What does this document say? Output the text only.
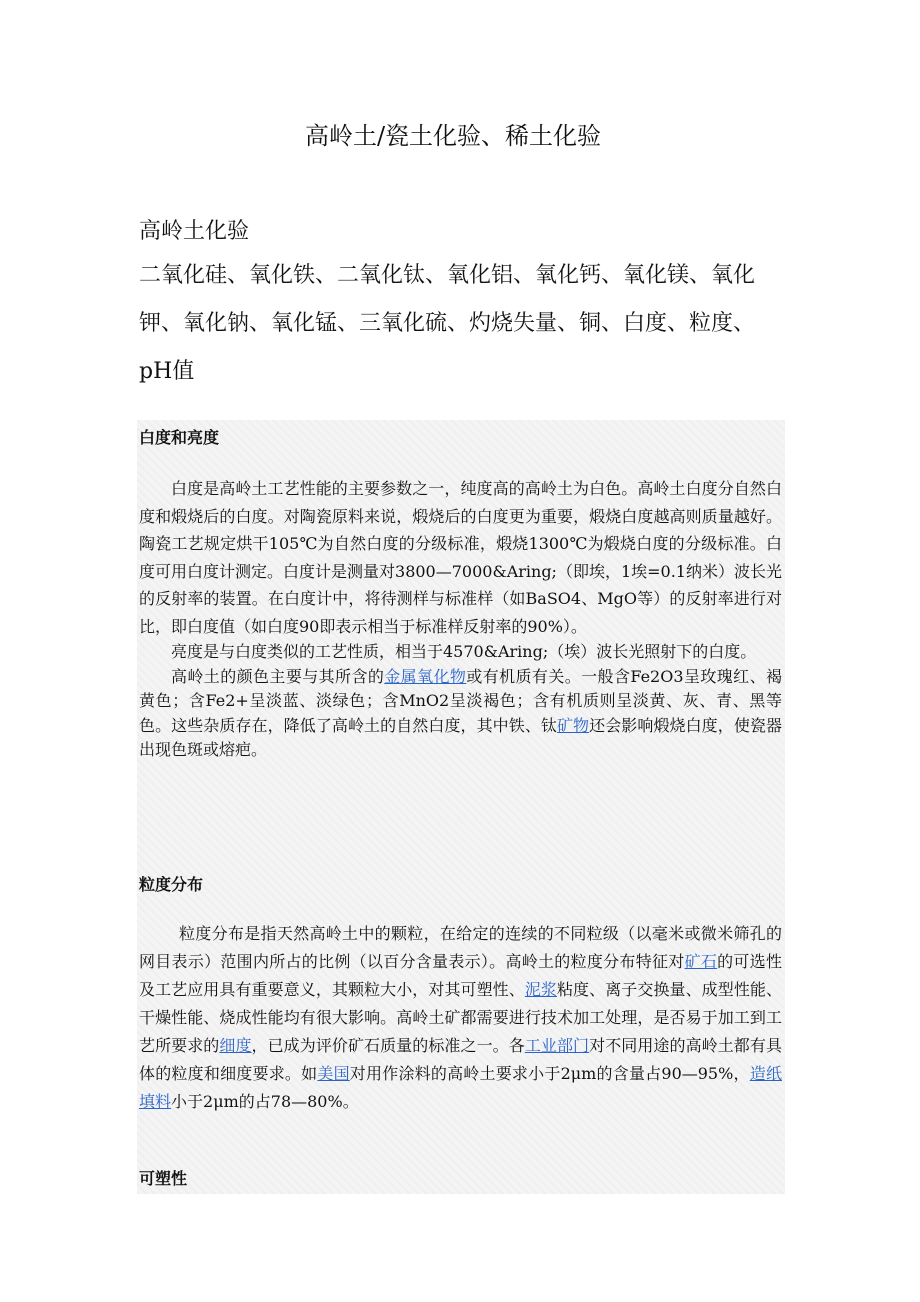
高岭土/瓷土化验、稀土化验

高岭土化验

二氧化硅、氧化铁、二氧化钛、氧化铝、氧化钙、氧化镁、氧化钾、氧化钠、氧化锰、三氧化硫、灼烧失量、铜、白度、粒度、pH值

白度和亮度

白度是高岭土工艺性能的主要参数之一，纯度高的高岭土为白色。高岭土白度分自然白度和煅烧后的白度。对陶瓷原料来说，煅烧后的白度更为重要，煅烧白度越高则质量越好。陶瓷工艺规定烘干105℃为自然白度的分级标准，煅烧1300℃为煅烧白度的分级标准。白度可用白度计测定。白度计是测量对3800—7000&Aring;（即埃，1埃=0.1纳米）波长光的反射率的装置。在白度计中，将待测样与标准样（如BaSO4、MgO等）的反射率进行对比，即白度值（如白度90即表示相当于标准样反射率的90%）。

亮度是与白度类似的工艺性质，相当于4570&Aring;（埃）波长光照射下的白度。

高岭土的颜色主要与其所含的金属氧化物或有机质有关。一般含Fe2O3呈玫瑰红、褐黄色；含Fe2+呈淡蓝、淡绿色；含MnO2呈淡褐色；含有机质则呈淡黄、灰、青、黑等色。这些杂质存在，降低了高岭土的自然白度，其中铁、钛矿物还会影响煅烧白度，使瓷器出现色斑或熔疤。

粒度分布

粒度分布是指天然高岭土中的颗粒，在给定的连续的不同粒级（以毫米或微米筛孔的网目表示）范围内所占的比例（以百分含量表示）。高岭土的粒度分布特征对矿石的可选性及工艺应用具有重要意义，其颗粒大小，对其可塑性、泥浆粘度、离子交换量、成型性能、干燥性能、烧成性能均有很大影响。高岭土矿都需要进行技术加工处理，是否易于加工到工艺所要求的细度，已成为评价矿石质量的标准之一。各工业部门对不同用途的高岭土都有具体的粒度和细度要求。如美国对用作涂料的高岭土要求小于2μm的含量占90—95%，造纸填料小于2μm的占78—80%。

可塑性
